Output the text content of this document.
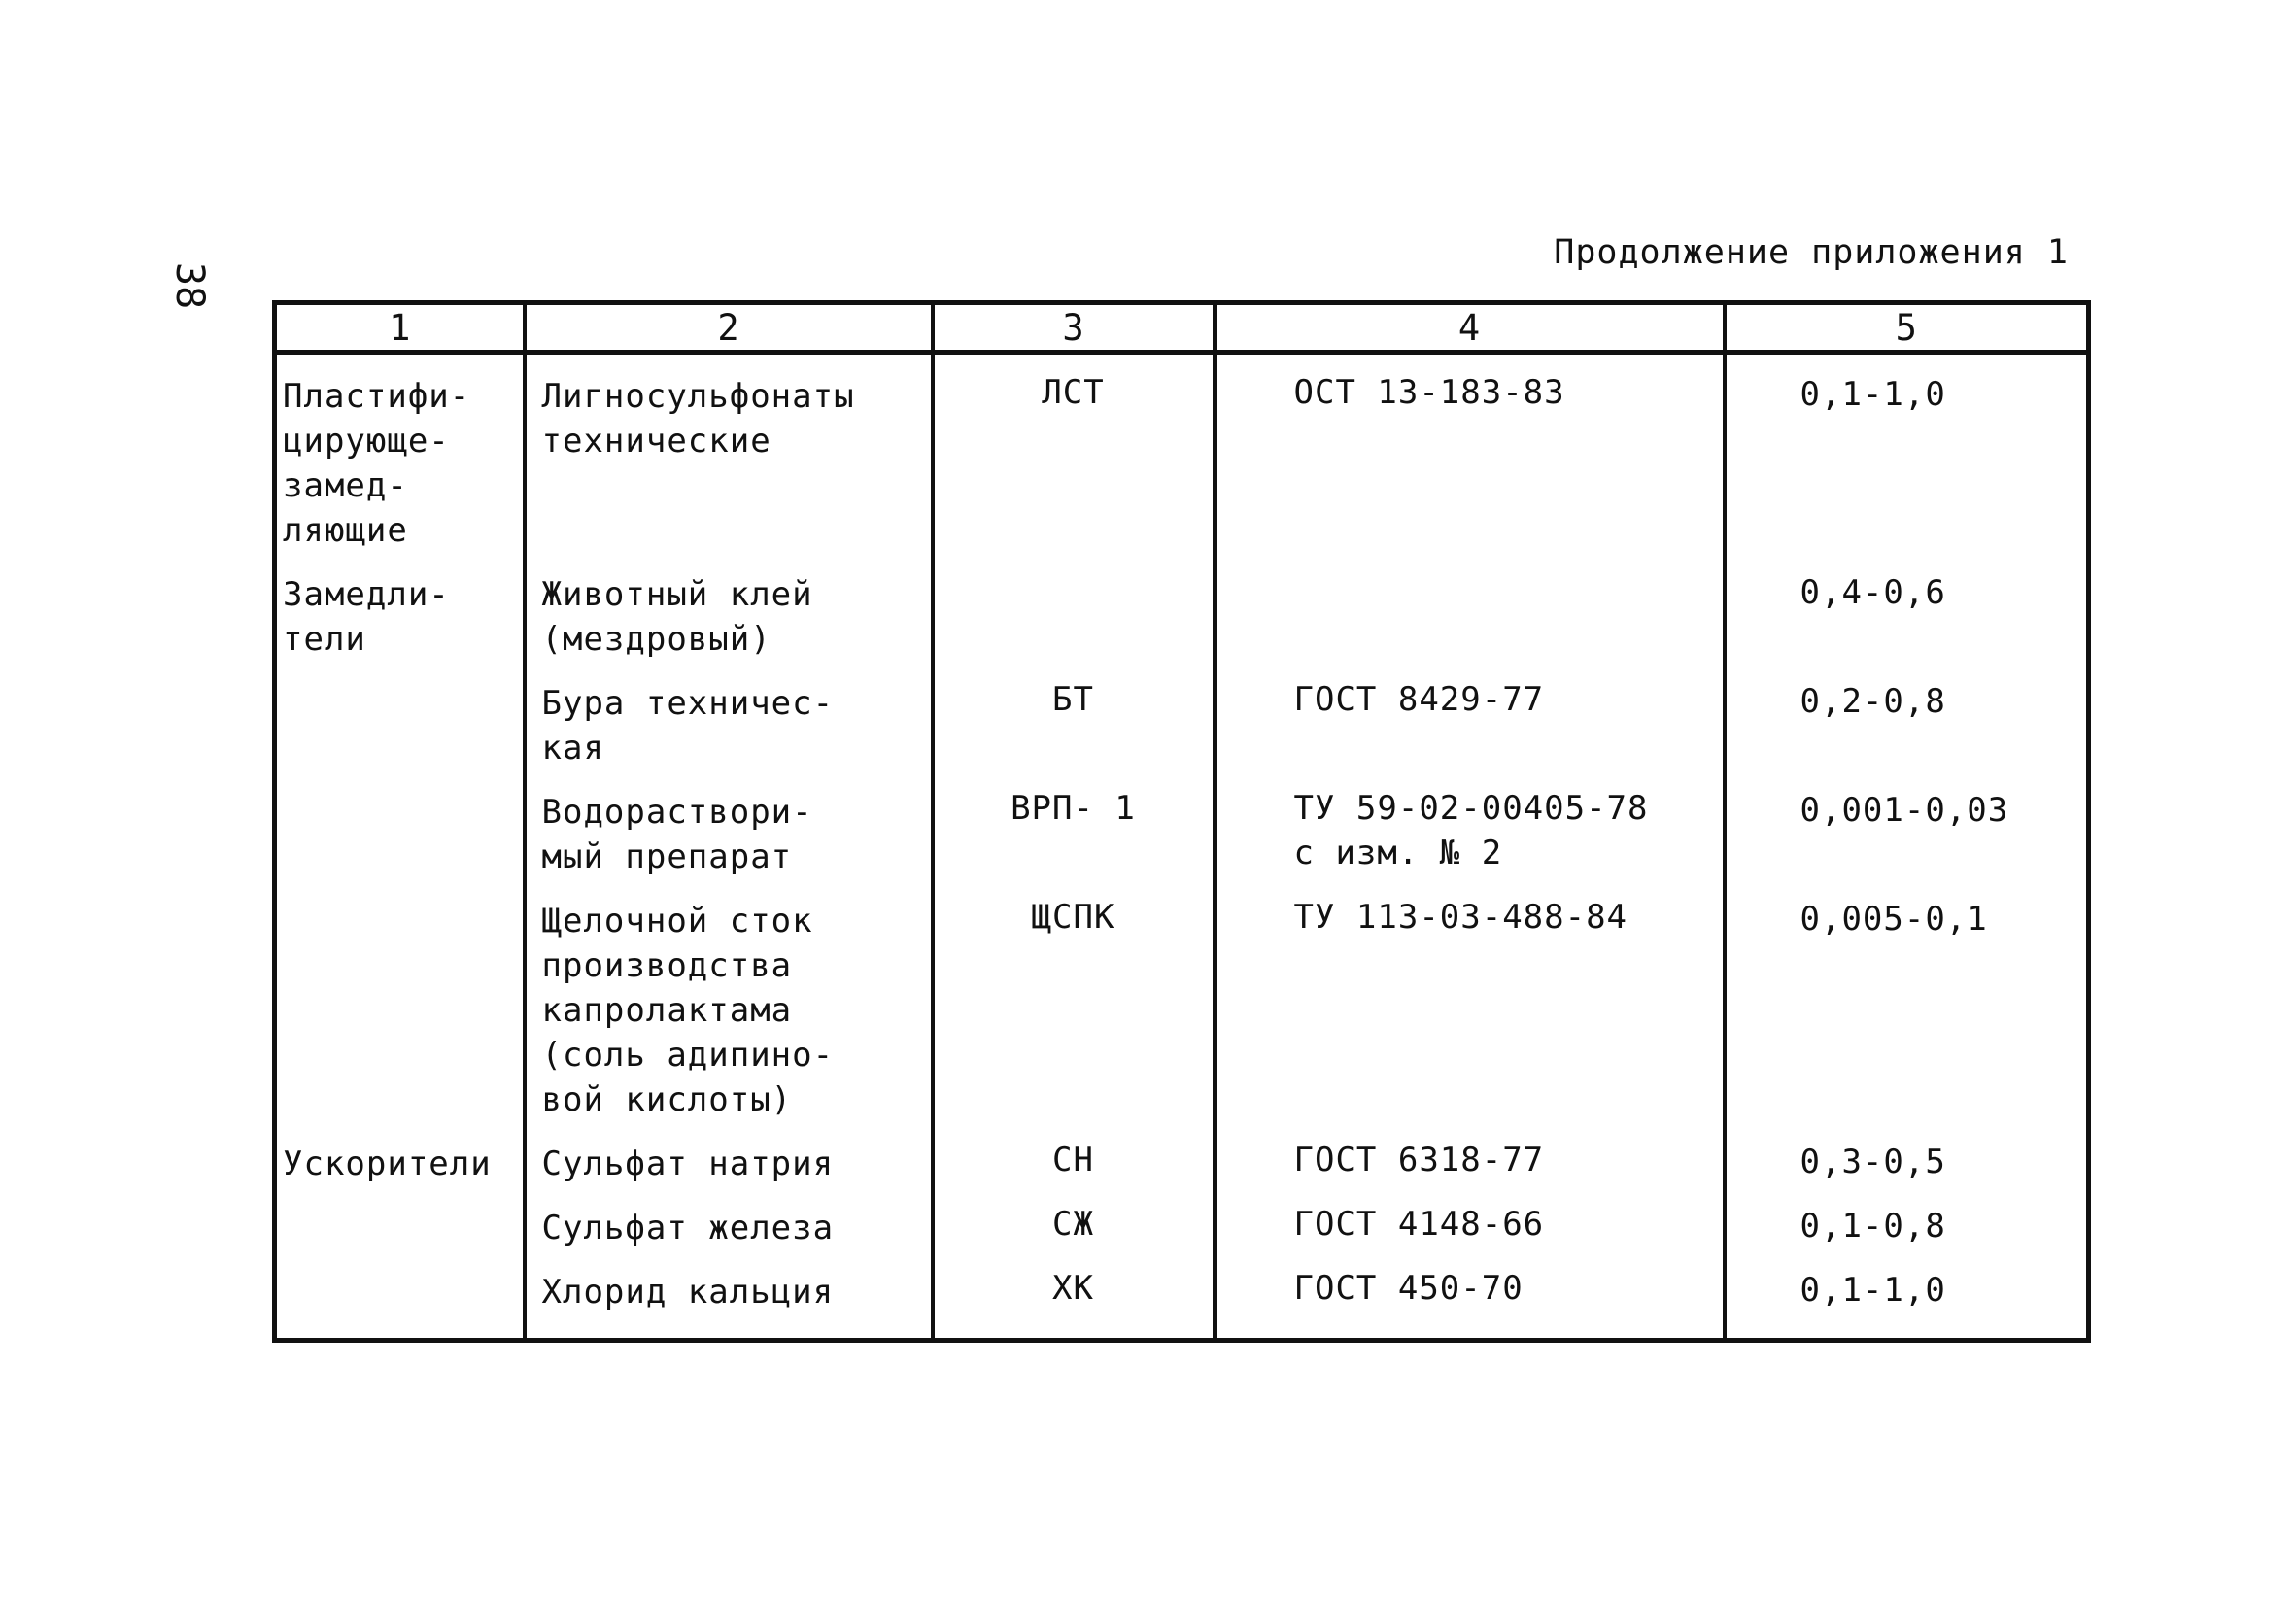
38
Продолжение приложения 1
1	2	3	4	5

Пластифи-
цирующе-
замед-
ляющие	Лигносульфонаты
технические	ЛСТ	ОСТ 13-183-83	0,1-1,0

Замедли-
тели	Животный клей
(мездровый)			0,4-0,6

	Бура техничес-
кая	БТ	ГОСТ 8429-77	0,2-0,8

	Водораствори-
мый препарат	ВРП- 1	ТУ 59-02-00405-78
с изм. № 2	0,001-0,03

	Щелочной сток
производства
капролактама
(соль адипино-
вой кислоты)	ЩСПК	ТУ 113-03-488-84	0,005-0,1

Ускорители	Сульфат натрия	СН	ГОСТ 6318-77	0,3-0,5

	Сульфат железа	СЖ	ГОСТ 4148-66	0,1-0,8

	Хлорид кальция	ХК	ГОСТ 450-70	0,1-1,0
